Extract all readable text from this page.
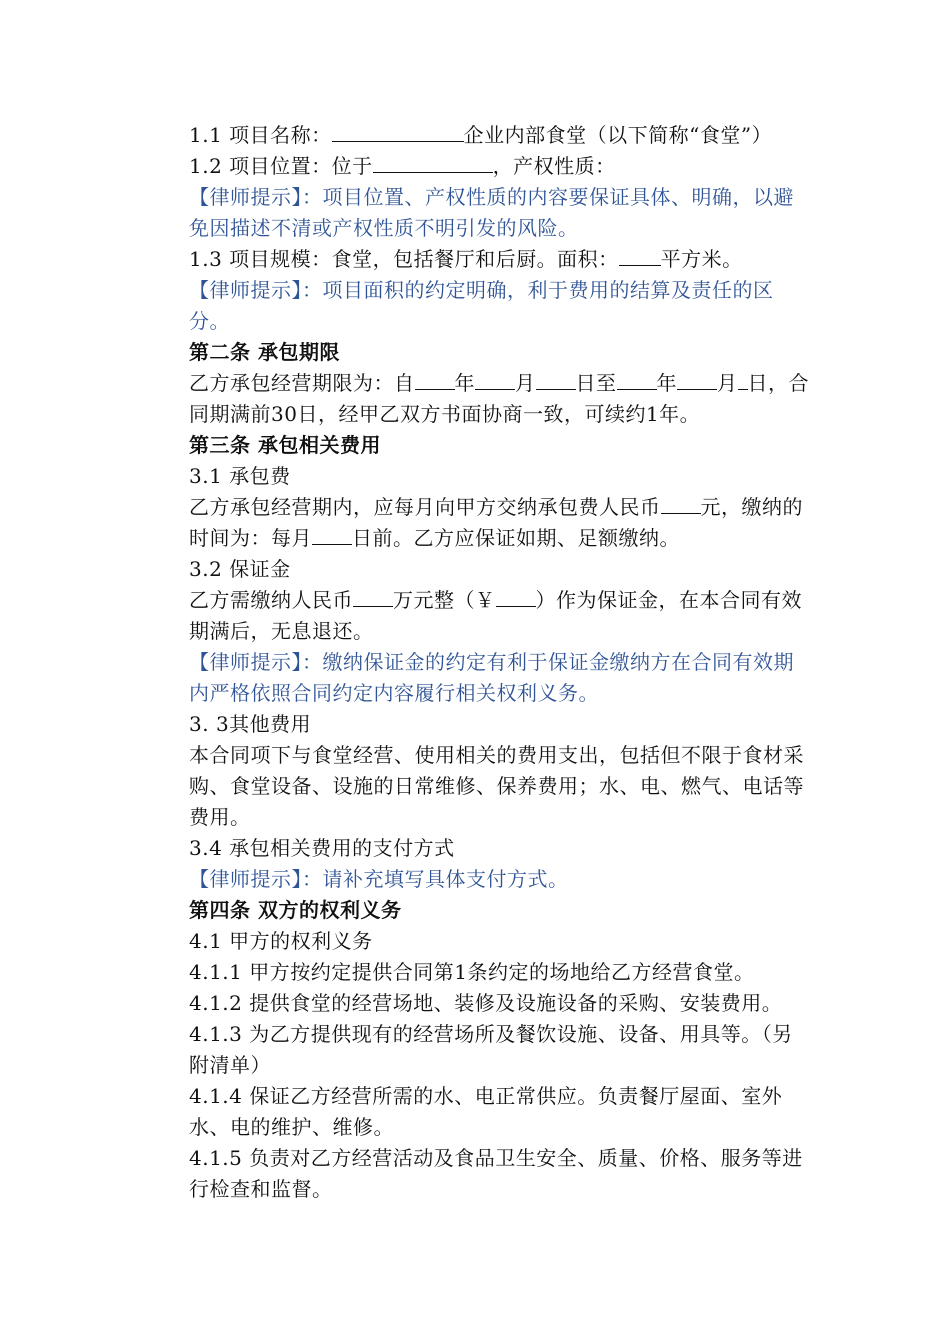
1.1 项目名称：	企业内部食堂（以下简称“食堂”）

1.2 项目位置：位于	，产权性质：

【律师提示】：项目位置、产权性质的内容要保证具体、明确，以避免因描述不清或产权性质不明引发的风险。

1.3 项目规模：食堂，包括餐厅和后厨。面积： 平方米。

【律师提示】：项目面积的约定明确，利于费用的结算及责任的区分。

第二条 承包期限

乙方承包经营期限为：自 年 月 日至 年 月 日，合同期满前30日，经甲乙双方书面协商一致，可续约1年。

第三条 承包相关费用

3.1 承包费

乙方承包经营期内，应每月向甲方交纳承包费人民币 元，缴纳的时间为：每月 日前。乙方应保证如期、足额缴纳。

3.2 保证金

乙方需缴纳人民币 万元整（￥ ）作为保证金，在本合同有效期满后，无息退还。

【律师提示】：缴纳保证金的约定有利于保证金缴纳方在合同有效期内严格依照合同约定内容履行相关权利义务。

3. 3其他费用

本合同项下与食堂经营、使用相关的费用支出，包括但不限于食材采购、食堂设备、设施的日常维修、保养费用；水、电、燃气、电话等费用。

3.4 承包相关费用的支付方式

【律师提示】：请补充填写具体支付方式。

第四条 双方的权利义务

4.1 甲方的权利义务

4.1.1 甲方按约定提供合同第1条约定的场地给乙方经营食堂。

4.1.2 提供食堂的经营场地、装修及设施设备的采购、安装费用。

4.1.3 为乙方提供现有的经营场所及餐饮设施、设备、用具等。（另附清单）

4.1.4 保证乙方经营所需的水、电正常供应。负责餐厅屋面、室外水、电的维护、维修。

4.1.5 负责对乙方经营活动及食品卫生安全、质量、价格、服务等进行检查和监督。
